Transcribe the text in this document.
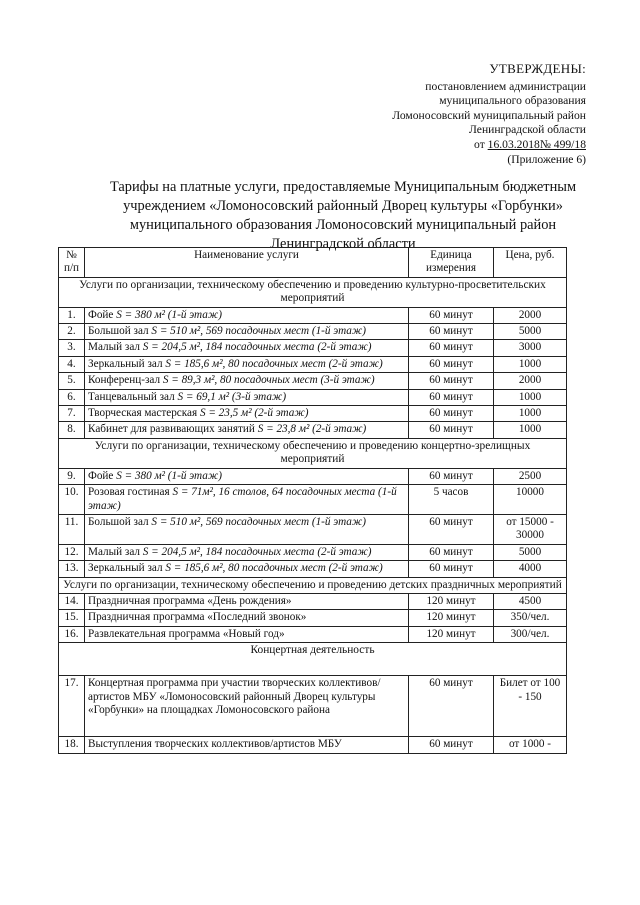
УТВЕРЖДЕНЫ:
постановлением администрации
муниципального образования
Ломоносовский муниципальный район
Ленинградской области
от 16.03.2018№ 499/18
(Приложение 6)
Тарифы на платные услуги, предоставляемые Муниципальным бюджетным
учреждением «Ломоносовский районный Дворец культуры «Горбунки»
муниципального образования Ломоносовский муниципальный район
Ленинградской области
№ п/п	Наименование услуги	Единица измерения	Цена, руб.
Услуги по организации, техническому обеспечению и проведению культурно-просветительских мероприятий			
1.	Фойе Ѕ = 380 м² (1-й этаж)	60 минут	2000
2.	Большой зал Ѕ = 510 м², 569 посадочных мест (1-й этаж)	60 минут	5000
3.	Малый зал Ѕ = 204,5 м², 184 посадочных места (2-й этаж)	60 минут	3000
4.	Зеркальный зал Ѕ = 185,6 м², 80 посадочных мест (2-й этаж)	60 минут	1000
5.	Конференц-зал Ѕ = 89,3 м², 80 посадочных мест (3-й этаж)	60 минут	2000
6.	Танцевальный зал Ѕ = 69,1 м² (3-й этаж)	60 минут	1000
7.	Творческая мастерская Ѕ = 23,5 м² (2-й этаж)	60 минут	1000
8.	Кабинет для развивающих занятий Ѕ = 23,8 м² (2-й этаж)	60 минут	1000
Услуги по организации, техническому обеспечению и проведению концертно-зрелищных мероприятий			
9.	Фойе Ѕ = 380 м² (1-й этаж)	60 минут	2500
10.	Розовая гостиная Ѕ = 71м², 16 столов, 64 посадочных места (1-й этаж)	5 часов	10000
11.	Большой зал Ѕ = 510 м², 569 посадочных мест (1-й этаж)	60 минут	от 15000 - 30000
12.	Малый зал Ѕ = 204,5 м², 184 посадочных места (2-й этаж)	60 минут	5000
13.	Зеркальный зал Ѕ = 185,6 м², 80 посадочных мест (2-й этаж)	60 минут	4000
Услуги по организации, техническому обеспечению и проведению детских праздничных мероприятий			
14.	Праздничная программа «День рождения»	120 минут	4500
15.	Праздничная программа «Последний звонок»	120 минут	350/чел.
16.	Развлекательная программа «Новый год»	120 минут	300/чел.
Концертная деятельность			
17.	Концертная программа при участии творческих коллективов/артистов МБУ «Ломоносовский районный Дворец культуры «Горбунки» на площадках Ломоносовского района	60 минут	Билет от 100 - 150
18.	Выступления творческих коллективов/артистов МБУ	60 минут	от 1000 -
